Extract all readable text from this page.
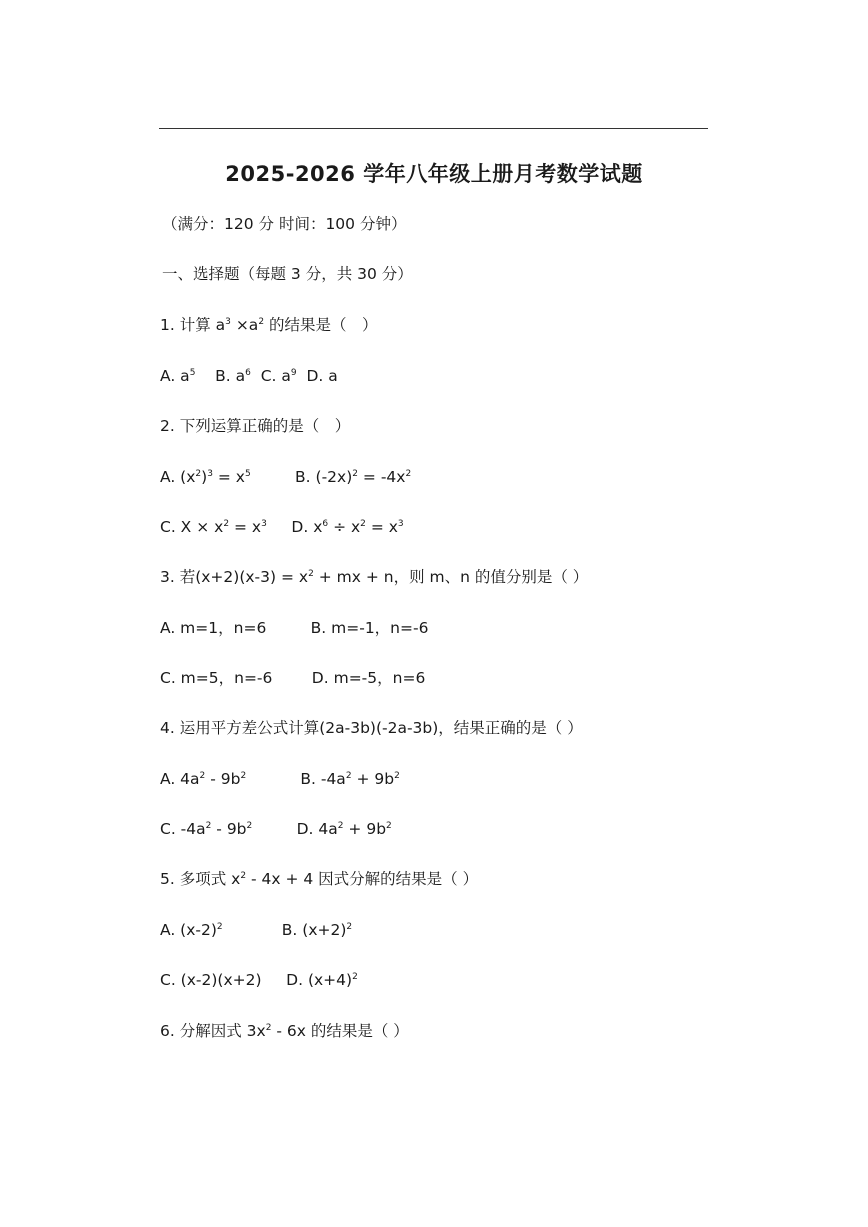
2025-2026 学年八年级上册月考数学试题
（满分：120 分 时间：100 分钟）
一、选择题（每题 3 分，共 30 分）
1. 计算 $a^3 \times a^2$ 的结果是（　）
A. $a^5$    B. $a^6$  C. $a^9$  D. a
2. 下列运算正确的是（　）
A. $(x^2)^3 = x^5$         B. $(-2x)^2 = -4x^2$
C. $X \times x^2 = x^3$     D. $x^6 \div x^2 = x^3$
3. 若$(x+2)(x-3) = x^2$ + mx + n，则 m、n 的值分别是（ ）
A. m=1，n=6         B. m=-1，n=-6
C. m=5，n=-6        D. m=-5，n=6
4. 运用平方差公式计算(2a-3b)(-2a-3b)，结果正确的是（ ）
A. $4a^2 - 9b^2$           B. $-4a^2 + 9b^2$
C. $-4a^2 - 9b^2$         D. $4a^2 + 9b^2$
5. 多项式 $x^2 - 4x + 4$ 因式分解的结果是（ ）
A. $(x-2)^2$            B. $(x+2)^2$
C. (x-2)(x+2)     D. $(x+4)^2$
6. 分解因式 $3x^2 - 6x$ 的结果是（ ）
